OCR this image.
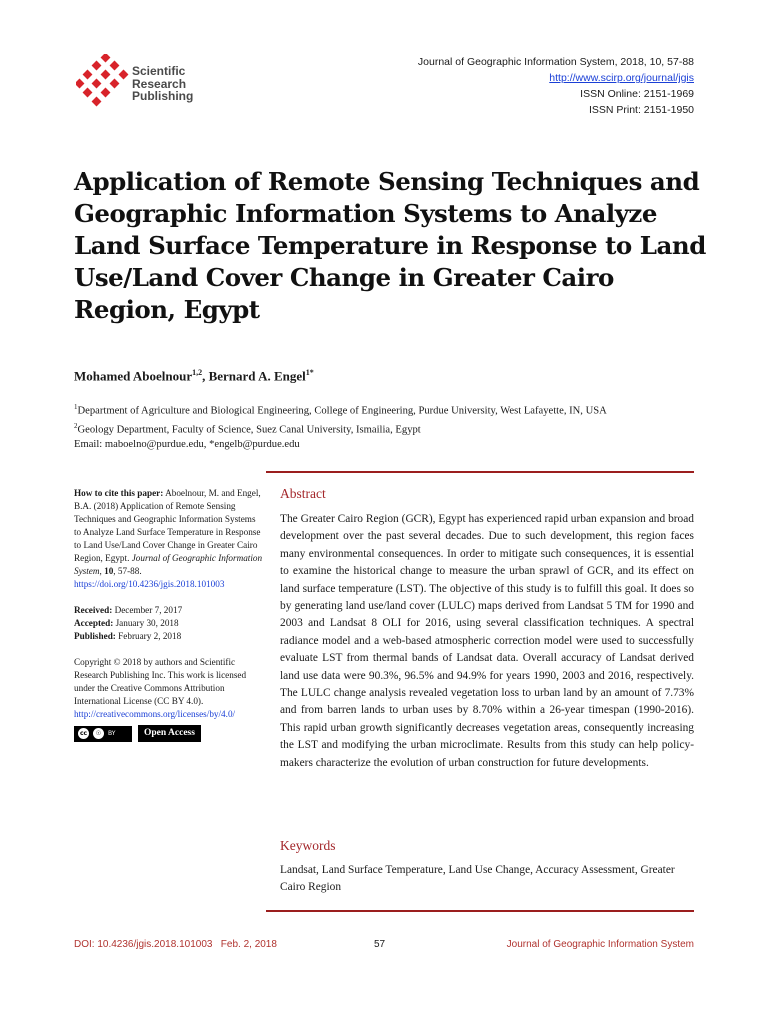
Scientific
Research
Publishing
Journal of Geographic Information System, 2018, 10, 57-88
http://www.scirp.org/journal/jgis
ISSN Online: 2151-1969
ISSN Print: 2151-1950
Application of Remote Sensing Techniques and Geographic Information Systems to Analyze Land Surface Temperature in Response to Land Use/Land Cover Change in Greater Cairo Region, Egypt
Mohamed Aboelnour$^{1,2}$, Bernard A. Engel$^{1*}$
$^1$Department of Agriculture and Biological Engineering, College of Engineering, Purdue University, West Lafayette, IN, USA
$^2$Geology Department, Faculty of Science, Suez Canal University, Ismailia, Egypt
Email: maboelno@purdue.edu, *engelb@purdue.edu

How to cite this paper: Aboelnour, M. and Engel, B.A. (2018) Application of Remote Sensing Techniques and Geographic Information Systems to Analyze Land Surface Temperature in Response to Land Use/Land Cover Change in Greater Cairo Region, Egypt. Journal of Geographic Information System, 10, 57-88.
https://doi.org/10.4236/jgis.2018.101003

Received: December 7, 2017
Accepted: January 30, 2018
Published: February 2, 2018

Copyright © 2018 by authors and Scientific Research Publishing Inc. This work is licensed under the Creative Commons Attribution International License (CC BY 4.0).
http://creativecommons.org/licenses/by/4.0/

cc	☉	BY	Open Access
Abstract

The Greater Cairo Region (GCR), Egypt has experienced rapid urban expansion and broad development over the past several decades. Due to such development, this region faces many environmental consequences. In order to mitigate such consequences, it is essential to examine the historical change to measure the urban sprawl of GCR, and its effect on land surface temperature (LST). The objective of this study is to fulfill this goal. It does so by generating land use/land cover (LULC) maps derived from Landsat 5 TM for 1990 and 2003 and Landsat 8 OLI for 2016, using several classification techniques. A spectral radiance model and a web-based atmospheric correction model were used to successfully evaluate LST from thermal bands of Landsat data. Overall accuracy of Landsat derived land use data were 90.3%, 96.5% and 94.9% for years 1990, 2003 and 2016, respectively. The LULC change analysis revealed vegetation loss to urban land by an amount of 7.73% and from barren lands to urban uses by 8.70% within a 26-year timespan (1990-2016). This rapid urban growth significantly decreases vegetation areas, consequently increasing the LST and modifying the urban microclimate. Results from this study can help policy-makers characterize the evolution of urban construction for future developments.

Keywords

Landsat, Land Surface Temperature, Land Use Change, Accuracy Assessment, Greater Cairo Region

DOI: 10.4236/jgis.2018.101003 Feb. 2, 2018	57	Journal of Geographic Information System
